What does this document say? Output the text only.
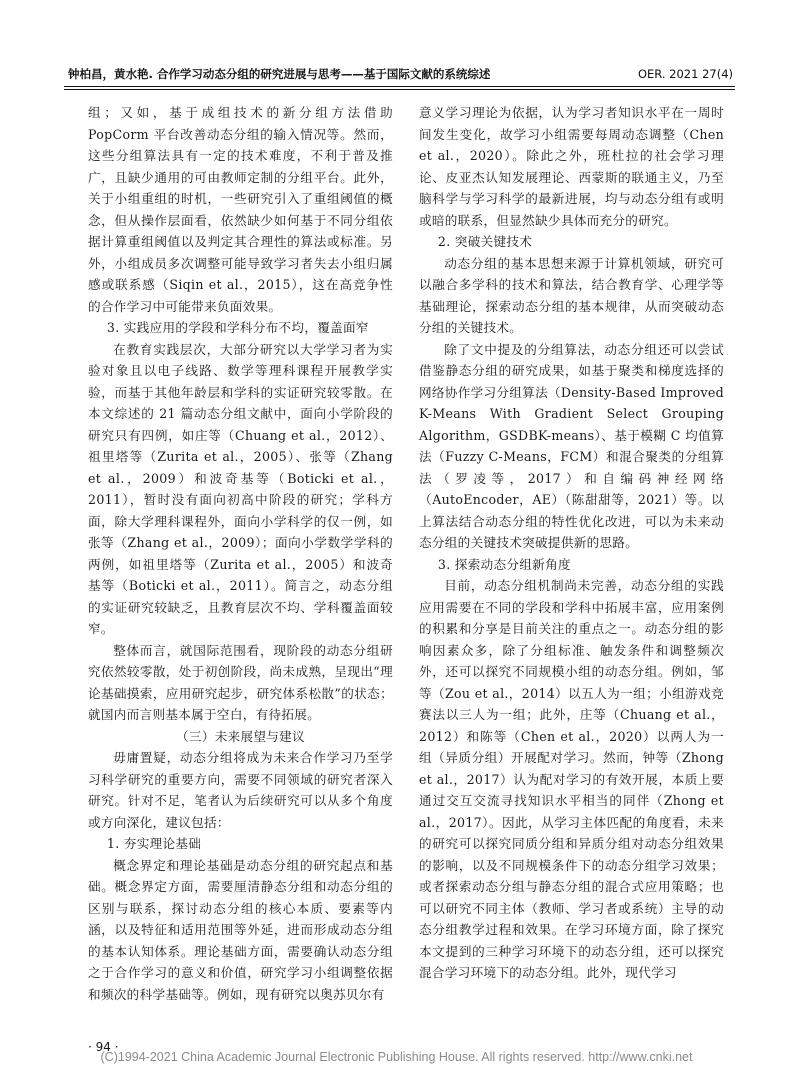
钟柏昌，黄水艳. 合作学习动态分组的研究进展与思考——基于国际文献的系统综述	OER. 2021 27(4)

组；又如，基于成组技术的新分组方法借助 PopCorm 平台改善动态分组的输入情况等。然而，这些分组算法具有一定的技术难度，不利于普及推广，且缺少通用的可由教师定制的分组平台。此外，关于小组重组的时机，一些研究引入了重组阈值的概念，但从操作层面看，依然缺少如何基于不同分组依据计算重组阈值以及判定其合理性的算法或标准。另外，小组成员多次调整可能导致学习者失去小组归属感或联系感（Siqin et al.，2015），这在高竞争性的合作学习中可能带来负面效果。

3. 实践应用的学段和学科分布不均，覆盖面窄

在教育实践层次，大部分研究以大学学习者为实验对象且以电子线路、数学等理科课程开展教学实验，而基于其他年龄层和学科的实证研究较零散。在本文综述的 21 篇动态分组文献中，面向小学阶段的研究只有四例，如庄等（Chuang et al.，2012）、祖里塔等（Zurita et al.，2005）、张等（Zhang et al.，2009）和波奇基等（Boticki et al.，2011），暂时没有面向初高中阶段的研究；学科方面，除大学理科课程外，面向小学科学的仅一例，如张等（Zhang et al.，2009）；面向小学数学学科的两例，如祖里塔等（Zurita et al.，2005）和波奇基等（Boticki et al.，2011）。简言之，动态分组的实证研究较缺乏，且教育层次不均、学科覆盖面较窄。

整体而言，就国际范围看，现阶段的动态分组研究依然较零散，处于初创阶段，尚未成熟，呈现出“理论基础摸索，应用研究起步，研究体系松散”的状态；就国内而言则基本属于空白，有待拓展。

（三）未来展望与建议

毋庸置疑，动态分组将成为未来合作学习乃至学习科学研究的重要方向，需要不同领域的研究者深入研究。针对不足，笔者认为后续研究可以从多个角度或方向深化，建议包括：

1. 夯实理论基础

概念界定和理论基础是动态分组的研究起点和基础。概念界定方面，需要厘清静态分组和动态分组的区别与联系，探讨动态分组的核心本质、要素等内涵，以及特征和适用范围等外延，进而形成动态分组的基本认知体系。理论基础方面，需要确认动态分组之于合作学习的意义和价值，研究学习小组调整依据和频次的科学基础等。例如，现有研究以奥苏贝尔有

意义学习理论为依据，认为学习者知识水平在一周时间发生变化，故学习小组需要每周动态调整（Chen et al.，2020）。除此之外，班杜拉的社会学习理论、皮亚杰认知发展理论、西蒙斯的联通主义，乃至脑科学与学习科学的最新进展，均与动态分组有或明或暗的联系，但显然缺少具体而充分的研究。

2. 突破关键技术

动态分组的基本思想来源于计算机领域，研究可以融合多学科的技术和算法，结合教育学、心理学等基础理论，探索动态分组的基本规律，从而突破动态分组的关键技术。

除了文中提及的分组算法，动态分组还可以尝试借鉴静态分组的研究成果，如基于聚类和梯度选择的网络协作学习分组算法（Density-Based Improved K-Means With Gradient Select Grouping Algorithm，GSDBK-means）、基于模糊 C 均值算法（Fuzzy C-Means，FCM）和混合聚类的分组算法（罗凌等，2017）和自编码神经网络（AutoEncoder，AE）（陈甜甜等，2021）等。以上算法结合动态分组的特性优化改进，可以为未来动态分组的关键技术突破提供新的思路。

3. 探索动态分组新角度

目前，动态分组机制尚未完善，动态分组的实践应用需要在不同的学段和学科中拓展丰富，应用案例的积累和分享是目前关注的重点之一。动态分组的影响因素众多，除了分组标准、触发条件和调整频次外，还可以探究不同规模小组的动态分组。例如，邹等（Zou et al.，2014）以五人为一组；小组游戏竞赛法以三人为一组；此外，庄等（Chuang et al.，2012）和陈等（Chen et al.，2020）以两人为一组（异质分组）开展配对学习。然而，钟等（Zhong et al.，2017）认为配对学习的有效开展，本质上要通过交互交流寻找知识水平相当的同伴（Zhong et al.，2017）。因此，从学习主体匹配的角度看，未来的研究可以探究同质分组和异质分组对动态分组效果的影响，以及不同规模条件下的动态分组学习效果；或者探索动态分组与静态分组的混合式应用策略；也可以研究不同主体（教师、学习者或系统）主导的动态分组教学过程和效果。在学习环境方面，除了探究本文提到的三种学习环境下的动态分组，还可以探究混合学习环境下的动态分组。此外，现代学习

· 94 ·
(C)1994-2021 China Academic Journal Electronic Publishing House. All rights reserved. http://www.cnki.net
